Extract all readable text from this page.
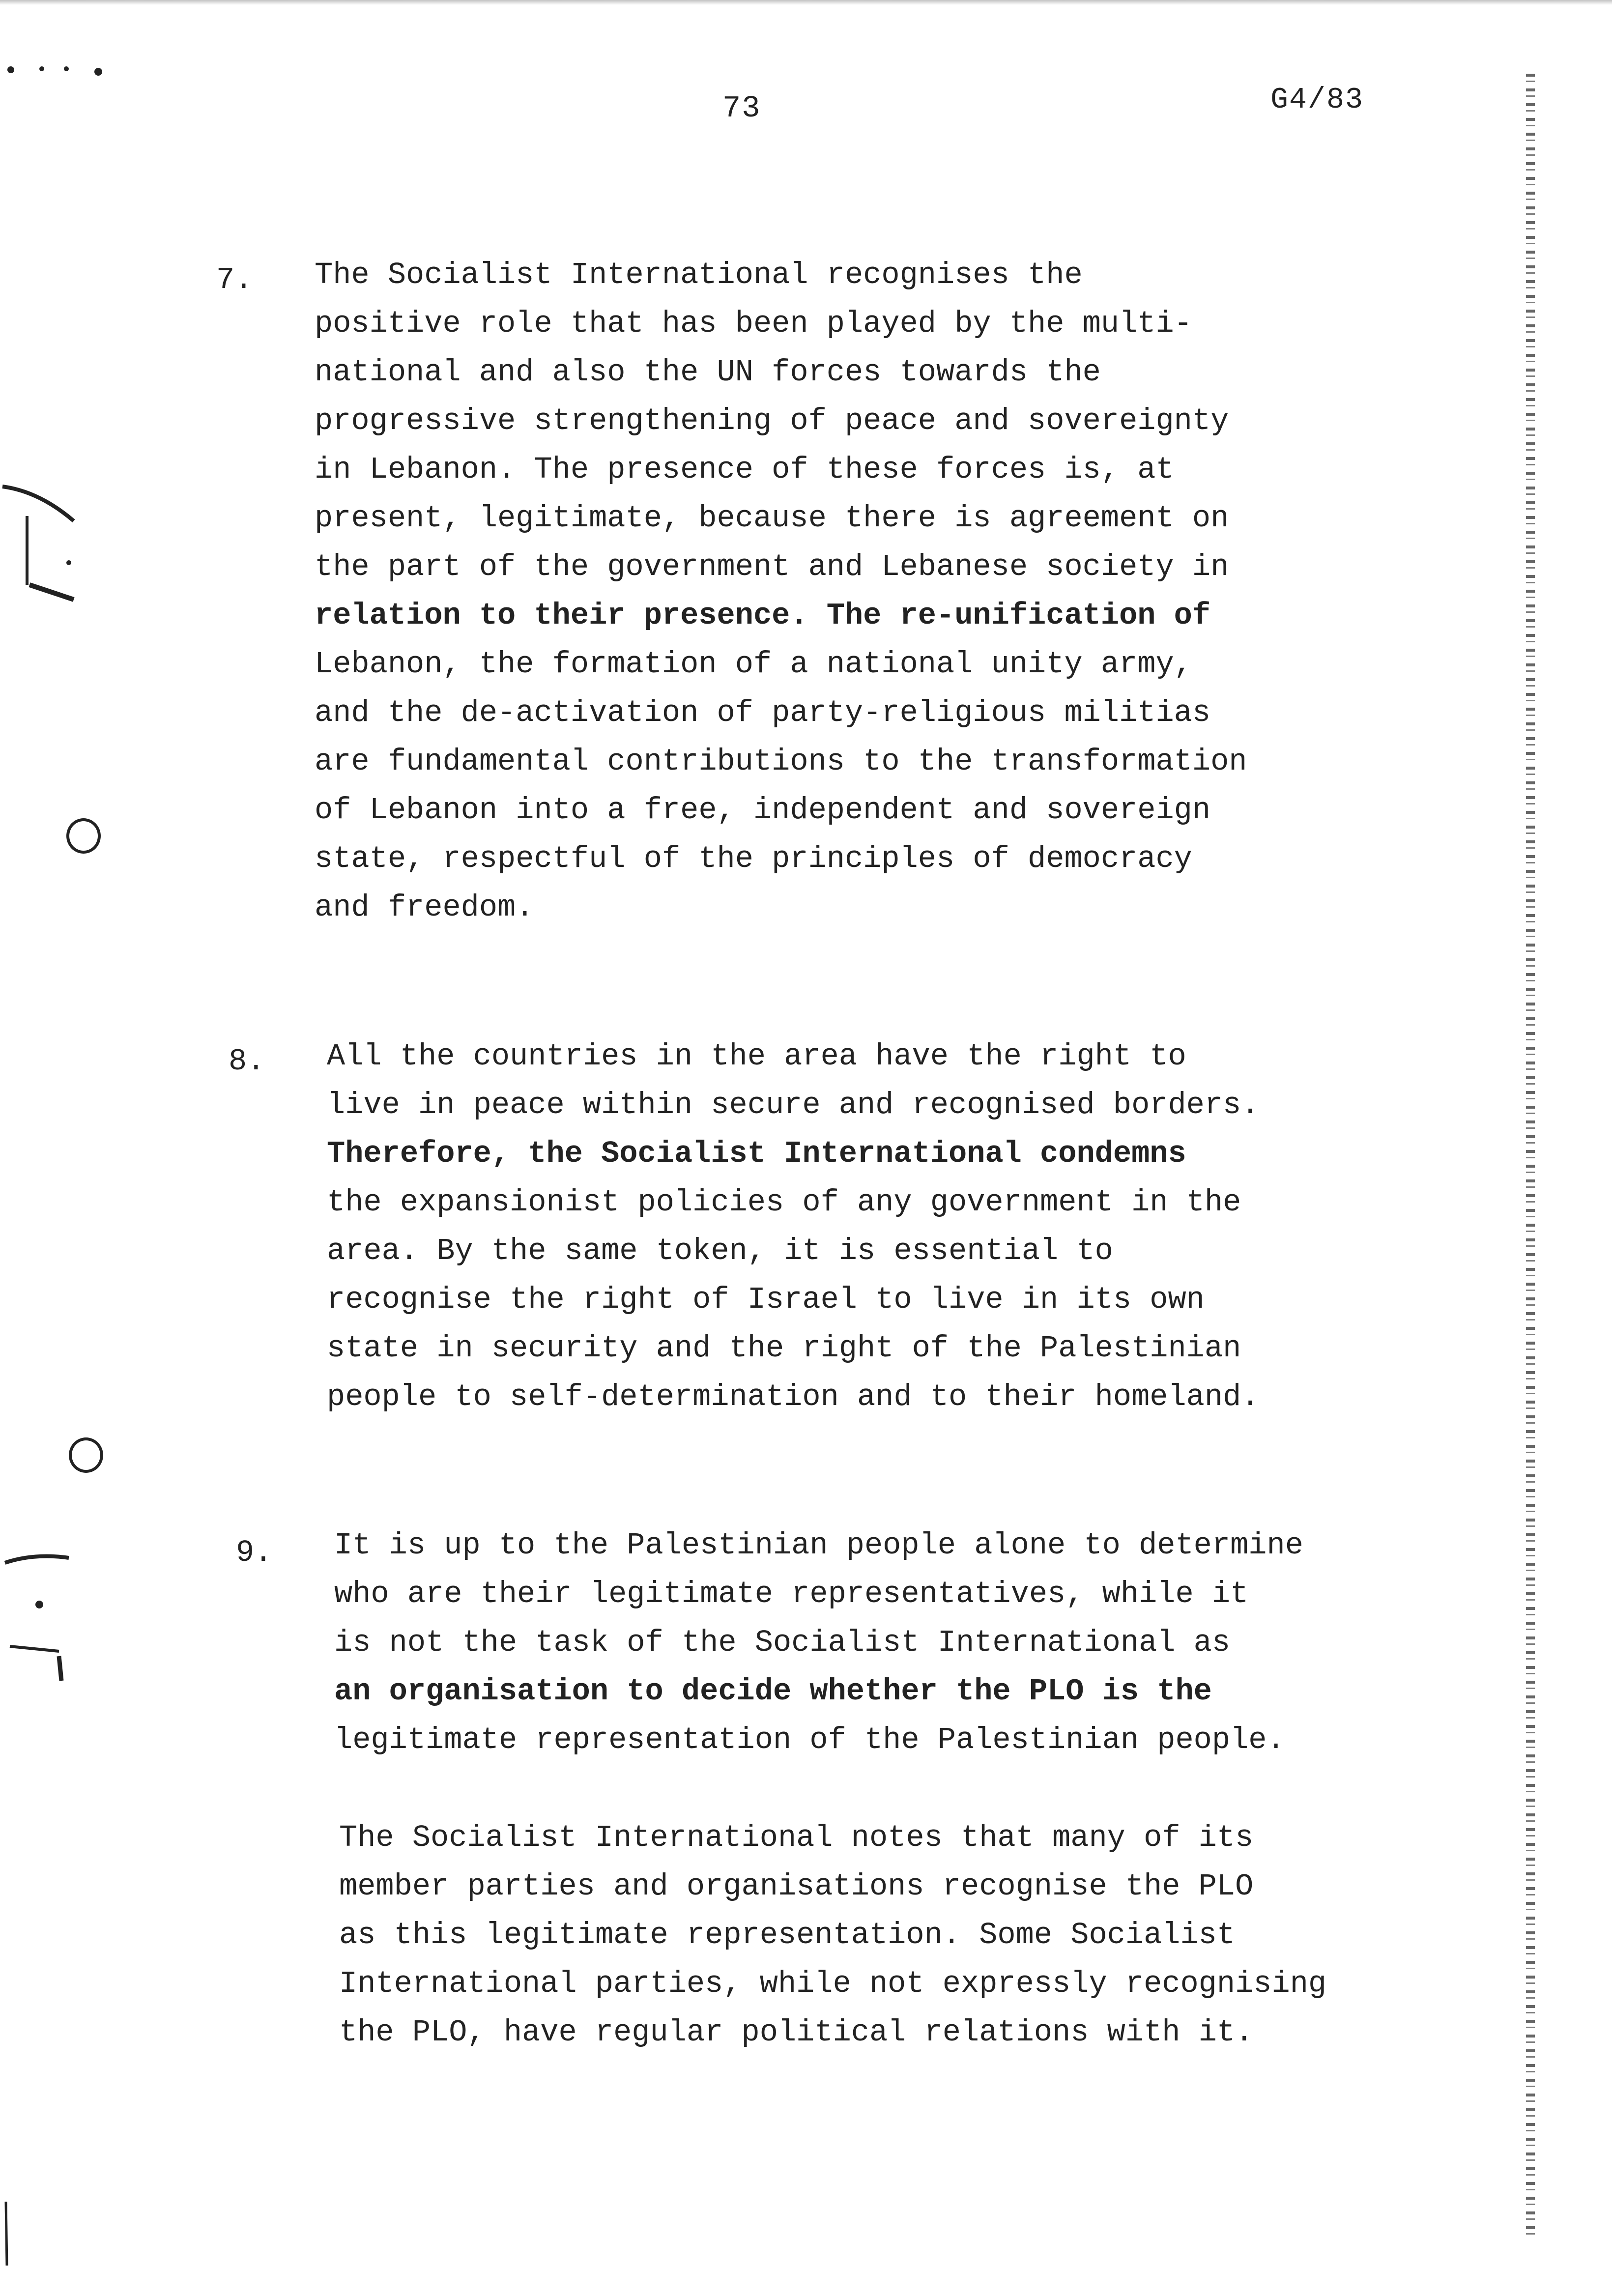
73	G4/83
7. The Socialist International recognises the
positive role that has been played by the multi-
national and also the UN forces towards the
progressive strengthening of peace and sovereignty
in Lebanon. The presence of these forces is, at
present, legitimate, because there is agreement on
the part of the government and Lebanese society in
relation to their presence. The re-unification of
Lebanon, the formation of a national unity army,
and the de-activation of party-religious militias
are fundamental contributions to the transformation
of Lebanon into a free, independent and sovereign
state, respectful of the principles of democracy
and freedom.
8. All the countries in the area have the right to
live in peace within secure and recognised borders.
Therefore, the Socialist International condemns
the expansionist policies of any government in the
area. By the same token, it is essential to
recognise the right of Israel to live in its own
state in security and the right of the Palestinian
people to self-determination and to their homeland.
9. It is up to the Palestinian people alone to determine
who are their legitimate representatives, while it
is not the task of the Socialist International as
an organisation to decide whether the PLO is the
legitimate representation of the Palestinian people.
The Socialist International notes that many of its
member parties and organisations recognise the PLO
as this legitimate representation. Some Socialist
International parties, while not expressly recognising
the PLO, have regular political relations with it.
